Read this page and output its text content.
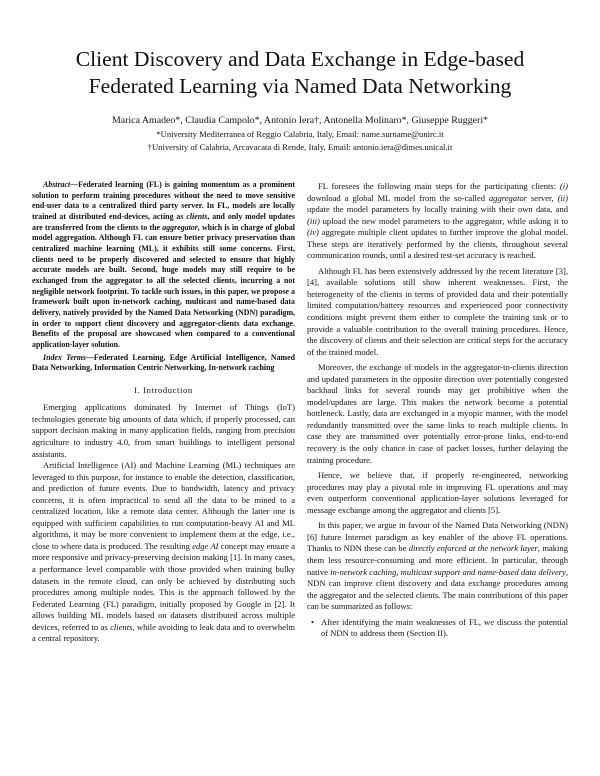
Client Discovery and Data Exchange in Edge-based
Federated Learning via Named Data Networking
Marica Amadeo*, Claudia Campolo*, Antonio Iera†, Antonella Molinaro*, Giuseppe Ruggeri*
*University Mediterranea of Reggio Calabria, Italy, Email: name.surname@unirc.it
†University of Calabria, Arcavacata di Rende, Italy, Email: antonio.iera@dimes.unical.it

Abstract—Federated learning (FL) is gaining momentum as a prominent solution to perform training procedures without the need to move sensitive end-user data to a centralized third party server. In FL, models are locally trained at distributed end-devices, acting as clients, and only model updates are transferred from the clients to the aggregator, which is in charge of global model aggregation. Although FL can ensure better privacy preservation than centralized machine learning (ML), it exhibits still some concerns. First, clients need to be properly discovered and selected to ensure that highly accurate models are built. Second, huge models may still require to be exchanged from the aggregator to all the selected clients, incurring a not negligible network footprint. To tackle such issues, in this paper, we propose a framework built upon in-network caching, multicast and name-based data delivery, natively provided by the Named Data Networking (NDN) paradigm, in order to support client discovery and aggregator-clients data exchange. Benefits of the proposal are showcased when compared to a conventional application-layer solution.

Index Terms—Federated Learning, Edge Artificial Intelligence, Named Data Networking, Information Centric Networking, In-network caching

I. Introduction

Emerging applications dominated by Internet of Things (IoT) technologies generate big amounts of data which, if properly processed, can support decision making in many application fields, ranging from precision agriculture to industry 4.0, from smart buildings to intelligent personal assistants.

Artificial Intelligence (AI) and Machine Learning (ML) techniques are leveraged to this purpose, for instance to enable the detection, classification, and prediction of future events. Due to bandwidth, latency and privacy concerns, it is often impractical to send all the data to be mined to a centralized location, like a remote data center. Although the latter one is equipped with sufficient capabilities to run computation-heavy AI and ML algorithms, it may be more convenient to implement them at the edge, i.e., close to where data is produced. The resulting edge AI concept may ensure a more responsive and privacy-preserving decision making [1]. In many cases, a performance level comparable with those provided when training bulky datasets in the remote cloud, can only be achieved by distributing such procedures among multiple nodes. This is the approach followed by the Federated Learning (FL) paradigm, initially proposed by Google in [2]. It allows building ML models based on datasets distributed across multiple devices, referred to as clients, while avoiding to leak data and to overwhelm a central repository.

FL foresees the following main steps for the participating clients: (i) download a global ML model from the so-called aggregator server, (ii) update the model parameters by locally training with their own data, and (iii) upload the new model parameters to the aggregator, while asking it to (iv) aggregate multiple client updates to further improve the global model. These steps are iteratively performed by the clients, throughout several communication rounds, until a desired test-set accuracy is reached.

Although FL has been extensively addressed by the recent literature [3], [4], available solutions still show inherent weaknesses. First, the heterogeneity of the clients in terms of provided data and their potentially limited computation/battery resources and experienced poor connectivity conditions might prevent them either to complete the training task or to provide a valuable contribution to the overall training procedures. Hence, the discovery of clients and their selection are critical steps for the accuracy of the trained model.

Moreover, the exchange of models in the aggregator-to-clients direction and updated parameters in the opposite direction over potentially congested backhaul links for several rounds may get prohibitive when the model/updates are large. This makes the network become a potential bottleneck. Lastly, data are exchanged in a myopic manner, with the model redundantly transmitted over the same links to reach multiple clients. In case they are transmitted over potentially error-prone links, end-to-end recovery is the only chance in case of packet losses, further delaying the training procedure.

Hence, we believe that, if properly re-engineered, networking procedures may play a pivotal role in improving FL operations and may even outperform conventional application-layer solutions leveraged for message exchange among the aggregator and clients [5].

In this paper, we argue in favour of the Named Data Networking (NDN) [6] future Internet paradigm as key enabler of the above FL operations. Thanks to NDN these can be directly enforced at the network layer, making them less resource-consuming and more efficient. In particular, through native in-network caching, multicast support and name-based data delivery, NDN can improve client discovery and data exchange procedures among the aggregator and the selected clients. The main contributions of this paper can be summarized as follows:

• After identifying the main weaknesses of FL, we discuss the potential of NDN to address them (Section II).
